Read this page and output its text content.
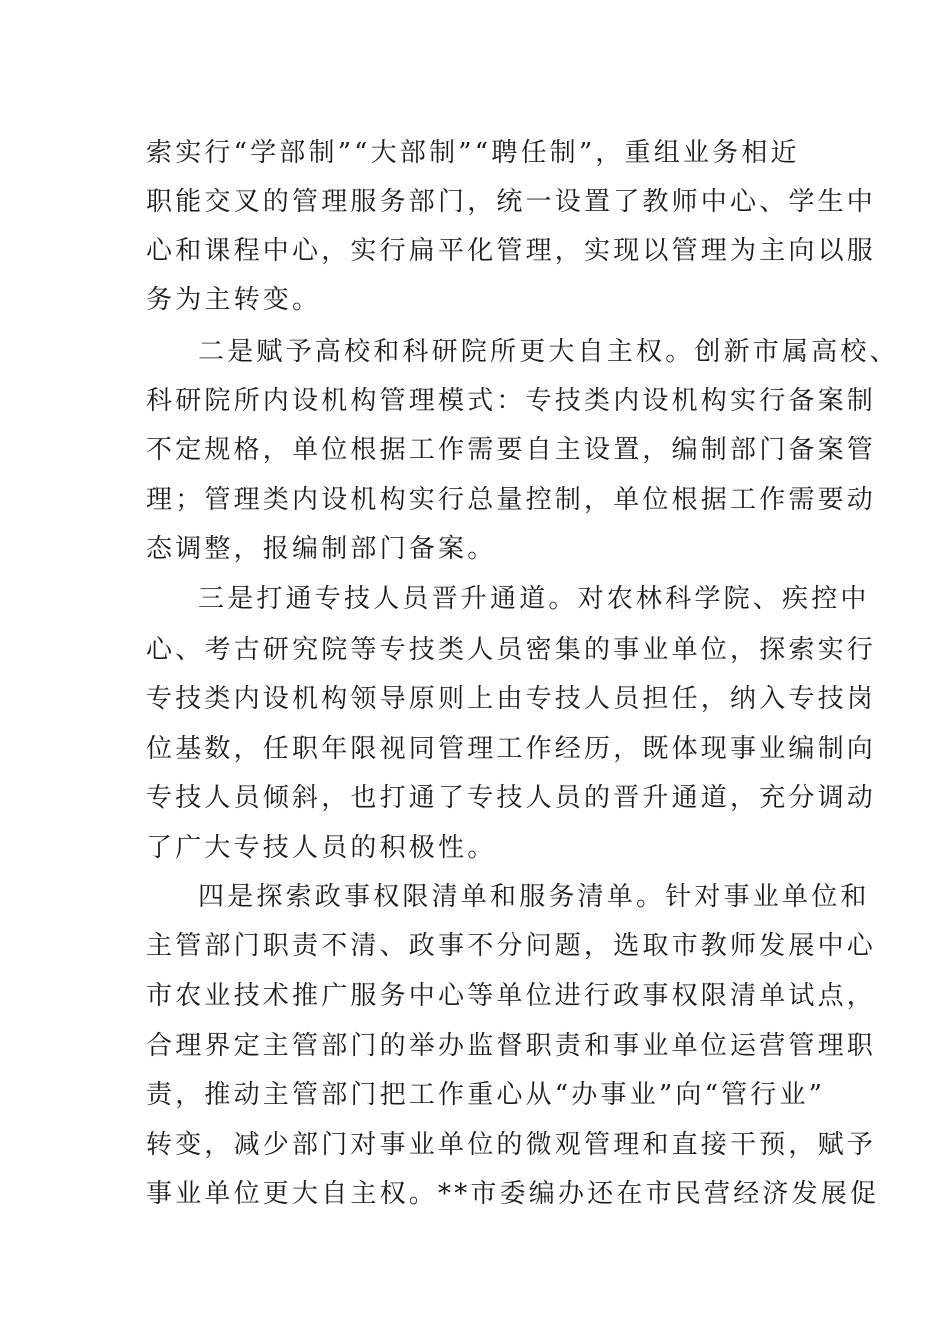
索实行“学部制”“大部制”“聘任制”，重组业务相近
职能交叉的管理服务部门，统一设置了教师中心、学生中
心和课程中心，实行扁平化管理，实现以管理为主向以服
务为主转变。
二是赋予高校和科研院所更大自主权。创新市属高校、
科研院所内设机构管理模式：专技类内设机构实行备案制
不定规格，单位根据工作需要自主设置，编制部门备案管
理；管理类内设机构实行总量控制，单位根据工作需要动
态调整，报编制部门备案。
三是打通专技人员晋升通道。对农林科学院、疾控中
心、考古研究院等专技类人员密集的事业单位，探索实行
专技类内设机构领导原则上由专技人员担任，纳入专技岗
位基数，任职年限视同管理工作经历，既体现事业编制向
专技人员倾斜，也打通了专技人员的晋升通道，充分调动
了广大专技人员的积极性。
四是探索政事权限清单和服务清单。针对事业单位和
主管部门职责不清、政事不分问题，选取市教师发展中心
市农业技术推广服务中心等单位进行政事权限清单试点，
合理界定主管部门的举办监督职责和事业单位运营管理职
责，推动主管部门把工作重心从“办事业”向“管行业”
转变，减少部门对事业单位的微观管理和直接干预，赋予
事业单位更大自主权。**市委编办还在市民营经济发展促
